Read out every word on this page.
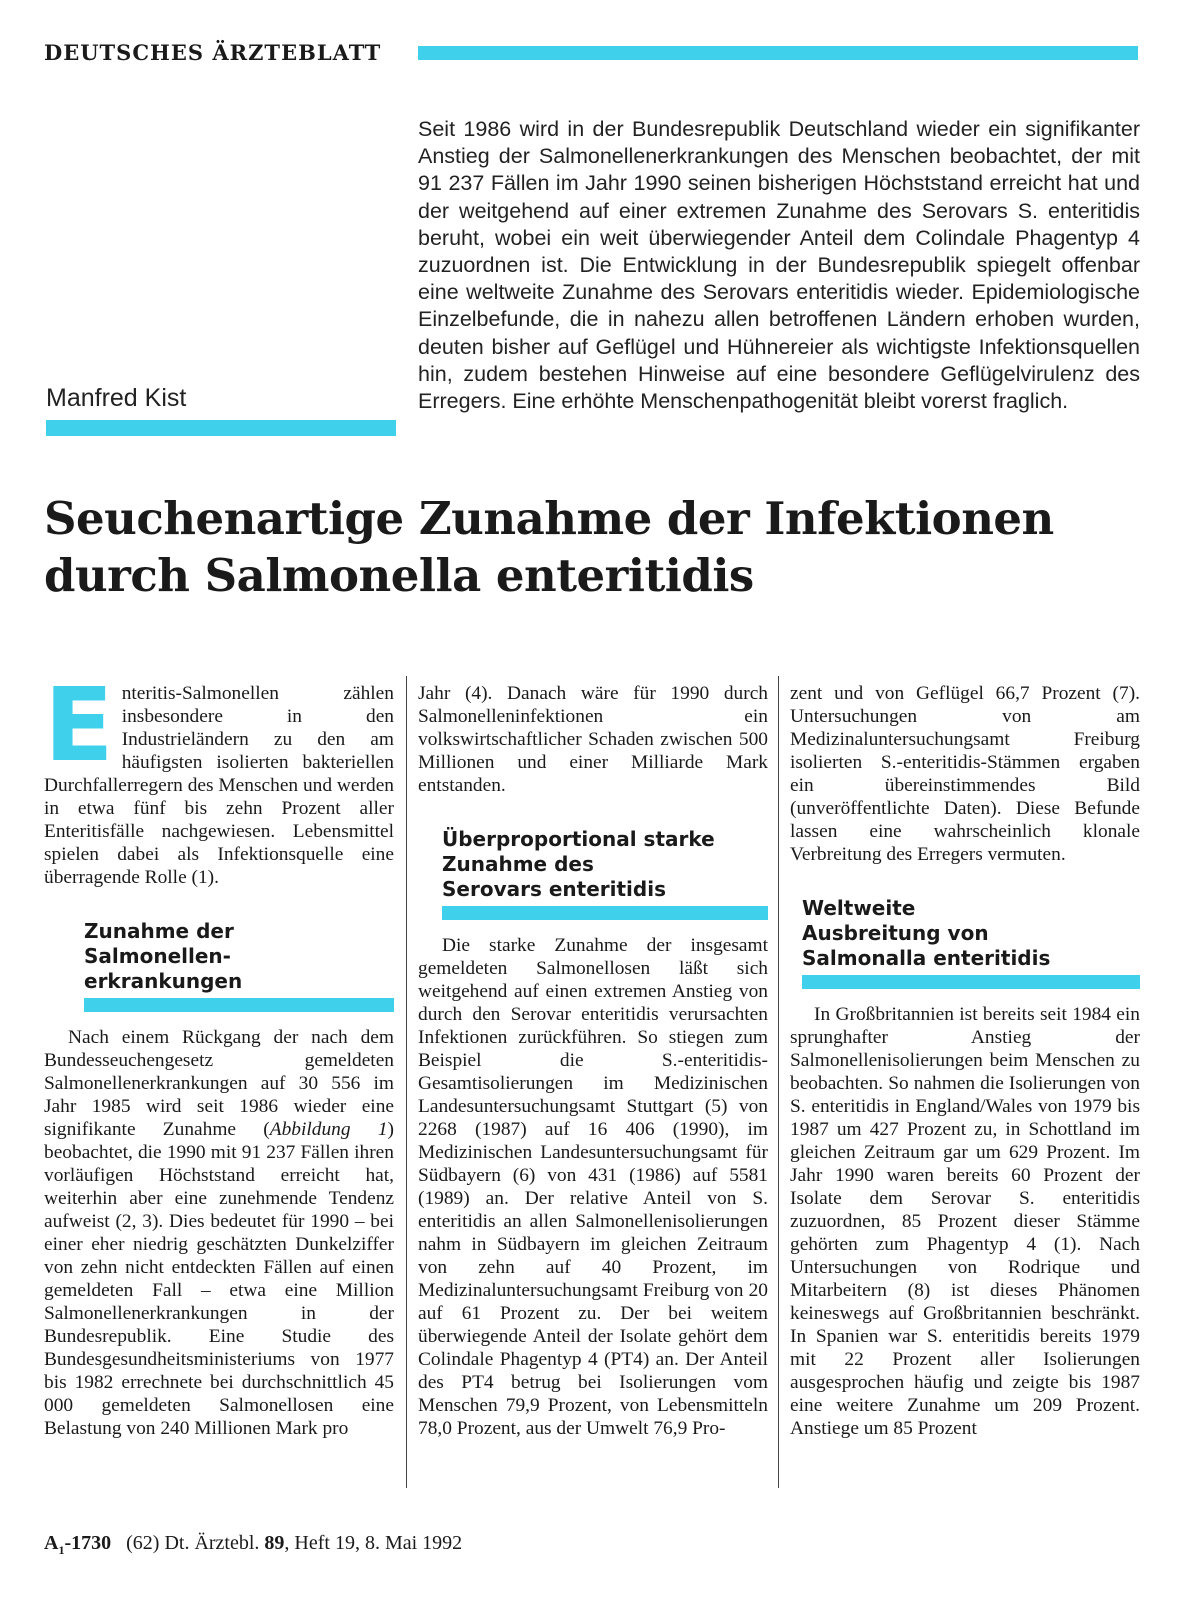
DEUTSCHES ÄRZTEBLATT
Seit 1986 wird in der Bundesrepublik Deutschland wieder ein signifikanter Anstieg der Salmonellenerkrankungen des Menschen beobachtet, der mit 91 237 Fällen im Jahr 1990 seinen bisherigen Höchststand erreicht hat und der weitgehend auf einer extremen Zunahme des Serovars S. enteritidis beruht, wobei ein weit überwiegender Anteil dem Colindale Phagentyp 4 zuzuordnen ist. Die Entwicklung in der Bundesrepublik spiegelt offenbar eine weltweite Zunahme des Serovars enteritidis wieder. Epidemiologische Einzelbefunde, die in nahezu allen betroffenen Ländern erhoben wurden, deuten bisher auf Geflügel und Hühnereier als wichtigste Infektionsquellen hin, zudem bestehen Hinweise auf eine besondere Geflügelvirulenz des Erregers. Eine erhöhte Menschenpathogenität bleibt vorerst fraglich.
Manfred Kist
Seuchenartige Zunahme der Infektionen
durch Salmonella enteritidis

Enteritis-Salmonellen zählen insbesondere in den Industrieländern zu den am häufigsten isolierten bakteriellen Durchfallerregern des Menschen und werden in etwa fünf bis zehn Prozent aller Enteritisfälle nachgewiesen. Lebensmittel spielen dabei als Infektionsquelle eine überragende Rolle (1).

Zunahme der
Salmonellen-
erkrankungen

Nach einem Rückgang der nach dem Bundesseuchengesetz gemeldeten Salmonellenerkrankungen auf 30 556 im Jahr 1985 wird seit 1986 wieder eine signifikante Zunahme (Abbildung 1) beobachtet, die 1990 mit 91 237 Fällen ihren vorläufigen Höchststand erreicht hat, weiterhin aber eine zunehmende Tendenz aufweist (2, 3). Dies bedeutet für 1990 – bei einer eher niedrig geschätzten Dunkelziffer von zehn nicht entdeckten Fällen auf einen gemeldeten Fall – etwa eine Million Salmonellenerkrankungen in der Bundesrepublik. Eine Studie des Bundesgesundheitsministeriums von 1977 bis 1982 errechnete bei durchschnittlich 45 000 gemeldeten Salmonellosen eine Belastung von 240 Millionen Mark pro

Jahr (4). Danach wäre für 1990 durch Salmonelleninfektionen ein volkswirtschaftlicher Schaden zwischen 500 Millionen und einer Milliarde Mark entstanden.

Überproportional starke
Zunahme des
Serovars enteritidis

Die starke Zunahme der insgesamt gemeldeten Salmonellosen läßt sich weitgehend auf einen extremen Anstieg von durch den Serovar enteritidis verursachten Infektionen zurückführen. So stiegen zum Beispiel die S.-enteritidis-Gesamtisolierungen im Medizinischen Landesuntersuchungsamt Stuttgart (5) von 2268 (1987) auf 16 406 (1990), im Medizinischen Landesuntersuchungsamt für Südbayern (6) von 431 (1986) auf 5581 (1989) an. Der relative Anteil von S. enteritidis an allen Salmonellenisolierungen nahm in Südbayern im gleichen Zeitraum von zehn auf 40 Prozent, im Medizinaluntersuchungsamt Freiburg von 20 auf 61 Prozent zu. Der bei weitem überwiegende Anteil der Isolate gehört dem Colindale Phagentyp 4 (PT4) an. Der Anteil des PT4 betrug bei Isolierungen vom Menschen 79,9 Prozent, von Lebensmitteln 78,0 Prozent, aus der Umwelt 76,9 Pro-

zent und von Geflügel 66,7 Prozent (7). Untersuchungen von am Medizinaluntersuchungsamt Freiburg isolierten S.-enteritidis-Stämmen ergaben ein übereinstimmendes Bild (unveröffentlichte Daten). Diese Befunde lassen eine wahrscheinlich klonale Verbreitung des Erregers vermuten.

Weltweite
Ausbreitung von
Salmonalla enteritidis

In Großbritannien ist bereits seit 1984 ein sprunghafter Anstieg der Salmonellenisolierungen beim Menschen zu beobachten. So nahmen die Isolierungen von S. enteritidis in England/Wales von 1979 bis 1987 um 427 Prozent zu, in Schottland im gleichen Zeitraum gar um 629 Prozent. Im Jahr 1990 waren bereits 60 Prozent der Isolate dem Serovar S. enteritidis zuzuordnen, 85 Prozent dieser Stämme gehörten zum Phagentyp 4 (1). Nach Untersuchungen von Rodrique und Mitarbeitern (8) ist dieses Phänomen keineswegs auf Großbritannien beschränkt. In Spanien war S. enteritidis bereits 1979 mit 22 Prozent aller Isolierungen ausgesprochen häufig und zeigte bis 1987 eine weitere Zunahme um 209 Prozent. Anstiege um 85 Prozent

$A_1-1730$ (62) Dt. Ärztebl. 89, Heft 19, 8. Mai 1992
